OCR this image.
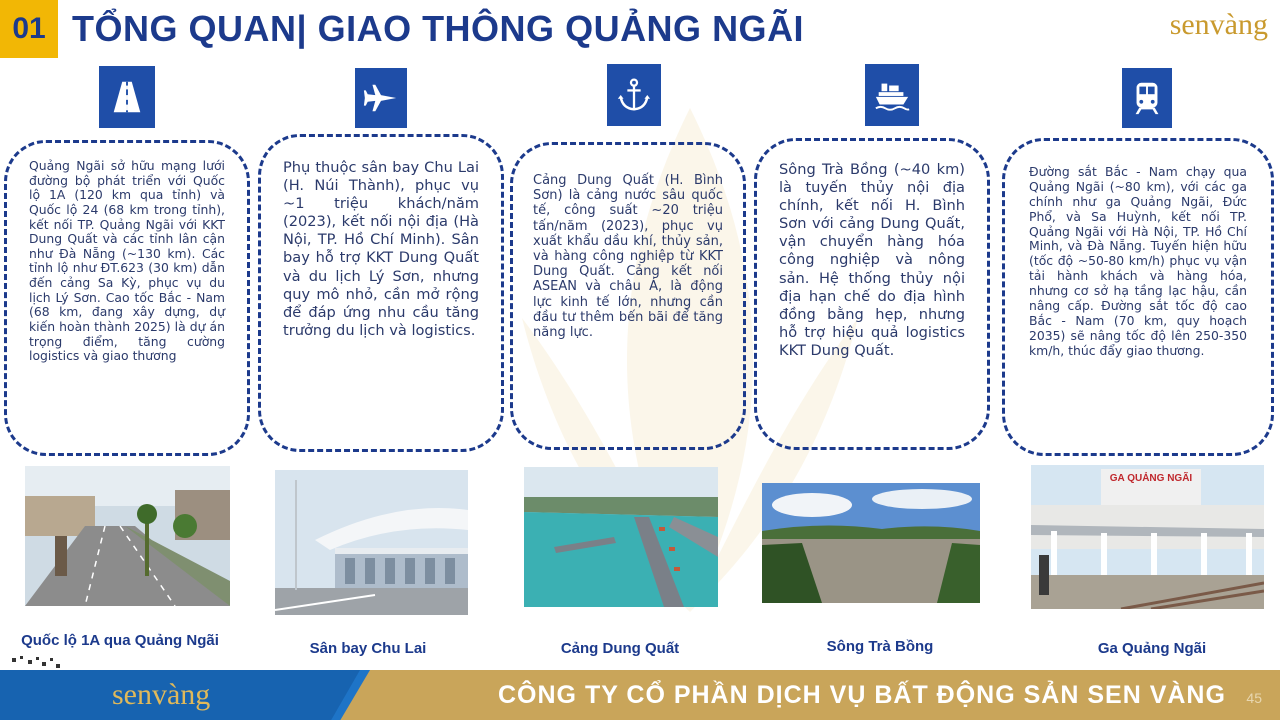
01 TỔNG QUAN| GIAO THÔNG QUẢNG NGÃI	senvàng

Quảng Ngãi sở hữu mạng lưới đường bộ phát triển với Quốc lộ 1A (120 km qua tỉnh) và Quốc lộ 24 (68 km trong tỉnh), kết nối TP. Quảng Ngãi với KKT Dung Quất và các tỉnh lân cận như Đà Nẵng (~130 km). Các tỉnh lộ như ĐT.623 (30 km) dẫn đến cảng Sa Kỳ, phục vụ du lịch Lý Sơn. Cao tốc Bắc - Nam (68 km, đang xây dựng, dự kiến hoàn thành 2025) là dự án trọng điểm, tăng cường logistics và giao thương

Phụ thuộc sân bay Chu Lai (H. Núi Thành), phục vụ ~1 triệu khách/năm (2023), kết nối nội địa (Hà Nội, TP. Hồ Chí Minh). Sân bay hỗ trợ KKT Dung Quất và du lịch Lý Sơn, nhưng quy mô nhỏ, cần mở rộng để đáp ứng nhu cầu tăng trưởng du lịch và logistics.

Cảng Dung Quất (H. Bình Sơn) là cảng nước sâu quốc tế, công suất ~20 triệu tấn/năm (2023), phục vụ xuất khẩu dầu khí, thủy sản, và hàng công nghiệp từ KKT Dung Quất. Cảng kết nối ASEAN và châu Á, là động lực kinh tế lớn, nhưng cần đầu tư thêm bến bãi để tăng năng lực.

Sông Trà Bồng (~40 km) là tuyến thủy nội địa chính, kết nối H. Bình Sơn với cảng Dung Quất, vận chuyển hàng hóa công nghiệp và nông sản. Hệ thống thủy nội địa hạn chế do địa hình đồng bằng hẹp, nhưng hỗ trợ hiệu quả logistics KKT Dung Quất.

Đường sắt Bắc - Nam chạy qua Quảng Ngãi (~80 km), với các ga chính như ga Quảng Ngãi, Đức Phổ, và Sa Huỳnh, kết nối TP. Quảng Ngãi với Hà Nội, TP. Hồ Chí Minh, và Đà Nẵng. Tuyến hiện hữu (tốc độ ~50-80 km/h) phục vụ vận tải hành khách và hàng hóa, nhưng cơ sở hạ tầng lạc hậu, cần nâng cấp. Đường sắt tốc độ cao Bắc - Nam (70 km, quy hoạch 2035) sẽ nâng tốc độ lên 250-350 km/h, thúc đẩy giao thương.

GA QUẢNG NGÃI
Quốc lộ 1A qua Quảng Ngãi	Sân bay Chu Lai	Cảng Dung Quất	Sông Trà Bồng	Ga Quảng Ngãi
senvàng	CÔNG TY CỔ PHẦN DỊCH VỤ BẤT ĐỘNG SẢN SEN VÀNG 45
